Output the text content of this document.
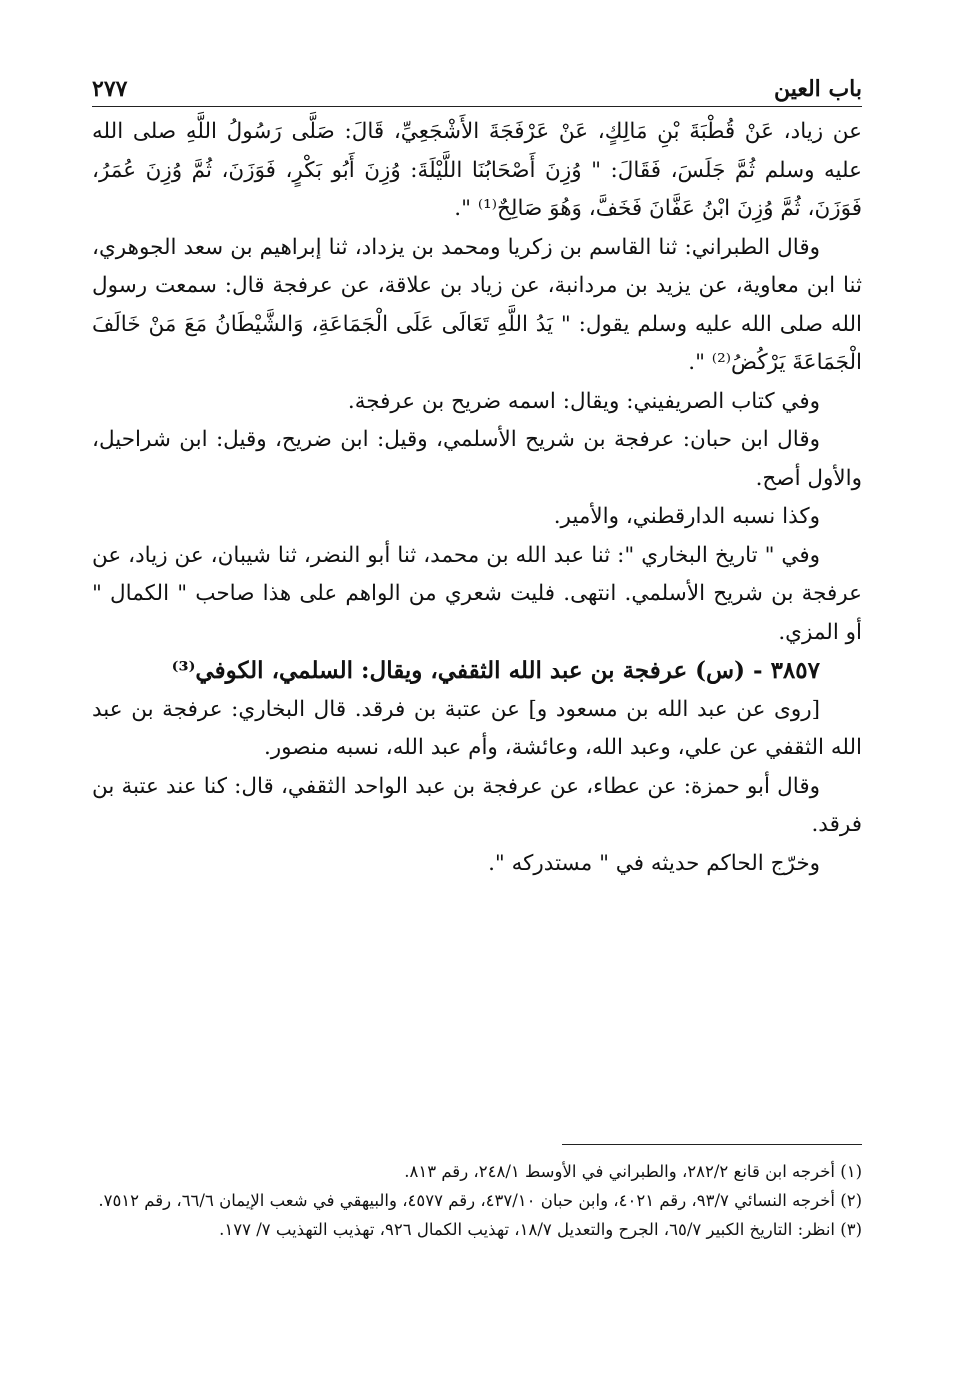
باب العين
٢٧٧

عن زياد، عَنْ قُطْبَةَ بْنِ مَالِكٍ، عَنْ عَرْفَجَةَ الأَشْجَعِيِّ، قَالَ: صَلَّى رَسُولُ اللَّهِ صلى الله عليه وسلم ثُمَّ جَلَسَ، فَقَالَ: " وُزِنَ أَصْحَابُنَا اللَّيْلَةَ: وُزِنَ أَبُو بَكْرٍ، فَوَزَنَ، ثُمَّ وُزِنَ عُمَرُ، فَوَزَنَ، ثُمَّ وُزِنَ ابْنُ عَفَّانَ فَخَفَّ، وَهُوَ صَالِحٌ⁽¹⁾ ".

وقال الطبراني: ثنا القاسم بن زكريا ومحمد بن يزداد، ثنا إبراهيم بن سعد الجوهري، ثنا ابن معاوية، عن يزيد بن مردانبة، عن زياد بن علاقة، عن عرفجة قال: سمعت رسول الله صلى الله عليه وسلم يقول: " يَدُ اللَّهِ تَعَالَى عَلَى الْجَمَاعَةِ، وَالشَّيْطَانُ مَعَ مَنْ خَالَفَ الْجَمَاعَةَ يَرْكُضُ⁽²⁾ ".

وفي كتاب الصريفيني: ويقال: اسمه ضريح بن عرفجة.

وقال ابن حبان: عرفجة بن شريح الأسلمي، وقيل: ابن ضريح، وقيل: ابن شراحيل، والأول أصح.

وكذا نسبه الدارقطني، والأمير.

وفي " تاريخ البخاري ": ثنا عبد الله بن محمد، ثنا أبو النضر، ثنا شيبان، عن زياد، عن عرفجة بن شريح الأسلمي. انتهى. فليت شعري من الواهم على هذا صاحب " الكمال " أو المزي.

٣٨٥٧ - (س) عرفجة بن عبد الله الثقفي، ويقال: السلمي، الكوفي⁽³⁾

[روى عن عبد الله بن مسعود و] عن عتبة بن فرقد. قال البخاري: عرفجة بن عبد الله الثقفي عن علي، وعبد الله، وعائشة، وأم عبد الله، نسبه منصور.

وقال أبو حمزة: عن عطاء، عن عرفجة بن عبد الواحد الثقفي، قال: كنا عند عتبة بن فرقد.

وخرّج الحاكم حديثه في " مستدركه ".

(١) أخرجه ابن قانع ٢٨٢/٢، والطبراني في الأوسط ٢٤٨/١، رقم ٨١٣.

(٢) أخرجه النسائي ٩٣/٧، رقم ٤٠٢١، وابن حبان ٤٣٧/١٠، رقم ٤٥٧٧، والبيهقي في شعب الإيمان ٦٦/٦، رقم ٧٥١٢.

(٣) انظر: التاريخ الكبير ٦٥/٧، الجرح والتعديل ١٨/٧، تهذيب الكمال ٩٢٦، تهذيب التهذيب ٧/ ١٧٧.
